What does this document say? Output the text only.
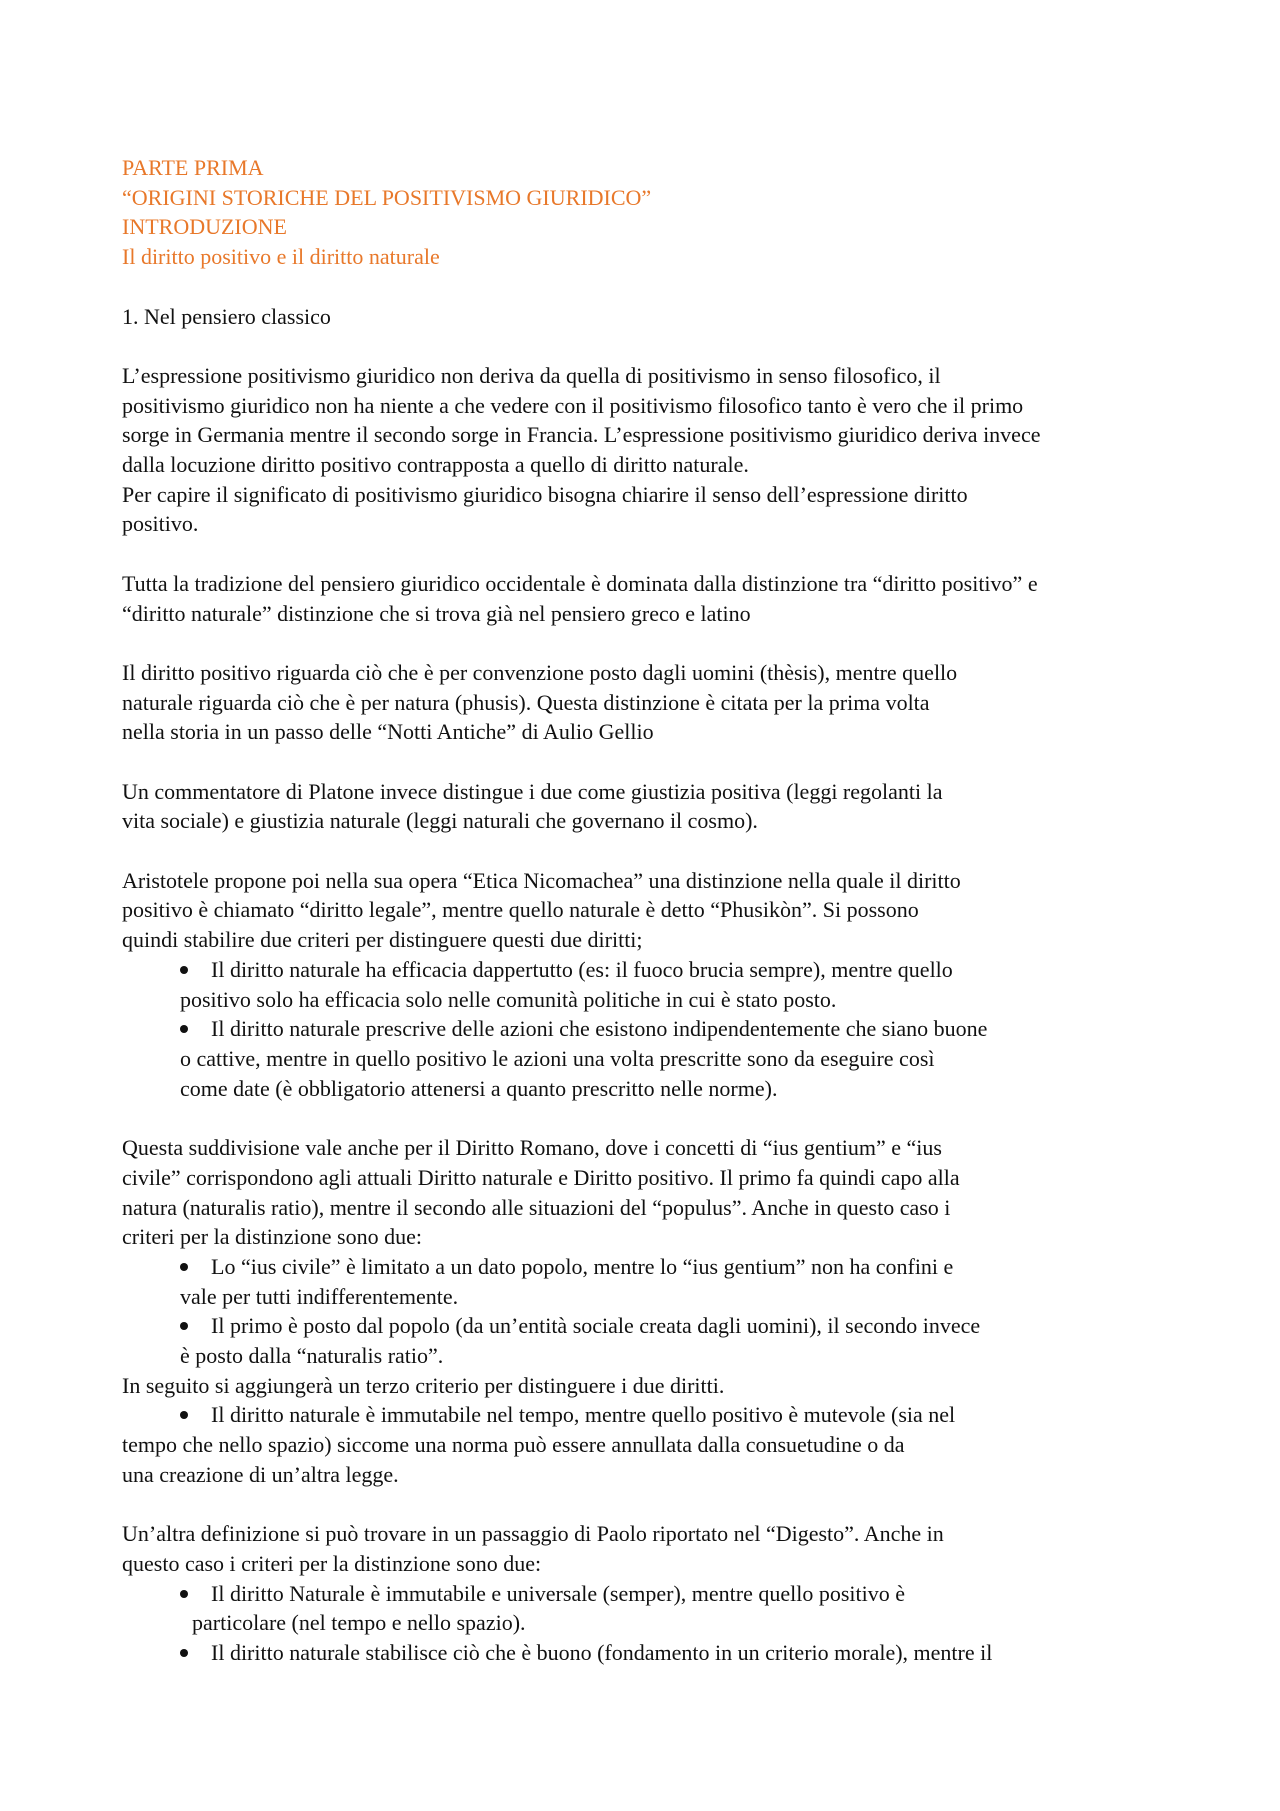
PARTE PRIMA
“ORIGINI STORICHE DEL POSITIVISMO GIURIDICO”
INTRODUZIONE
Il diritto positivo e il diritto naturale
1. Nel pensiero classico

L’espressione positivismo giuridico non deriva da quella di positivismo in senso filosofico, il
positivismo giuridico non ha niente a che vedere con il positivismo filosofico tanto è vero che il primo
sorge in Germania mentre il secondo sorge in Francia. L’espressione positivismo giuridico deriva invece
dalla locuzione diritto positivo contrapposta a quello di diritto naturale.
Per capire il significato di positivismo giuridico bisogna chiarire il senso dell’espressione diritto
positivo.

Tutta la tradizione del pensiero giuridico occidentale è dominata dalla distinzione tra “diritto positivo” e
“diritto naturale” distinzione che si trova già nel pensiero greco e latino

Il diritto positivo riguarda ciò che è per convenzione posto dagli uomini (thèsis), mentre quello
naturale riguarda ciò che è per natura (phusis). Questa distinzione è citata per la prima volta
nella storia in un passo delle “Notti Antiche” di Aulio Gellio

Un commentatore di Platone invece distingue i due come giustizia positiva (leggi regolanti la
vita sociale) e giustizia naturale (leggi naturali che governano il cosmo).

Aristotele propone poi nella sua opera “Etica Nicomachea” una distinzione nella quale il diritto
positivo è chiamato “diritto legale”, mentre quello naturale è detto “Phusikòn”. Si possono
quindi stabilire due criteri per distinguere questi due diritti;

Il diritto naturale ha efficacia dappertutto (es: il fuoco brucia sempre), mentre quello
positivo solo ha efficacia solo nelle comunità politiche in cui è stato posto.
Il diritto naturale prescrive delle azioni che esistono indipendentemente che siano buone
o cattive, mentre in quello positivo le azioni una volta prescritte sono da eseguire così
come date (è obbligatorio attenersi a quanto prescritto nelle norme).

Questa suddivisione vale anche per il Diritto Romano, dove i concetti di “ius gentium” e “ius
civile” corrispondono agli attuali Diritto naturale e Diritto positivo. Il primo fa quindi capo alla
natura (naturalis ratio), mentre il secondo alle situazioni del “populus”. Anche in questo caso i
criteri per la distinzione sono due:

Lo “ius civile” è limitato a un dato popolo, mentre lo “ius gentium” non ha confini e
vale per tutti indifferentemente.
Il primo è posto dal popolo (da un’entità sociale creata dagli uomini), il secondo invece
è posto dalla “naturalis ratio”.
In seguito si aggiungerà un terzo criterio per distinguere i due diritti.
Il diritto naturale è immutabile nel tempo, mentre quello positivo è mutevole (sia nel
tempo che nello spazio) siccome una norma può essere annullata dalla consuetudine o da
una creazione di un’altra legge.

Un’altra definizione si può trovare in un passaggio di Paolo riportato nel “Digesto”. Anche in
questo caso i criteri per la distinzione sono due:

Il diritto Naturale è immutabile e universale (semper), mentre quello positivo è
particolare (nel tempo e nello spazio).
Il diritto naturale stabilisce ciò che è buono (fondamento in un criterio morale), mentre il
